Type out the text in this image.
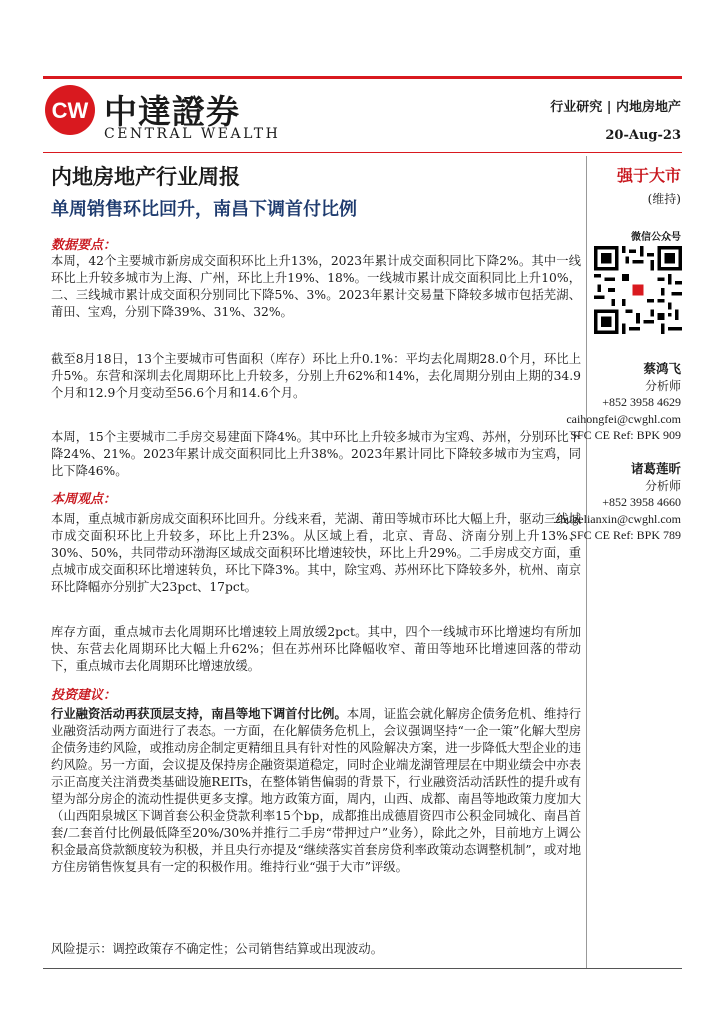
CW 中達證券
CENTRAL WEALTH
行业研究 | 内地房地产
20-Aug-23
内地房地产行业周报
单周销售环比回升，南昌下调首付比例
数据要点：
本周，42个主要城市新房成交面积环比上升13%，2023年累计成交面积同比下降2%。其中一线环比上升较多城市为上海、广州，环比上升19%、18%。一线城市累计成交面积同比上升10%，二、三线城市累计成交面积分别同比下降5%、3%。2023年累计交易量下降较多城市包括芜湖、莆田、宝鸡，分别下降39%、31%、32%。
截至8月18日，13个主要城市可售面积（库存）环比上升0.1%：平均去化周期28.0个月，环比上升5%。东营和深圳去化周期环比上升较多，分别上升62%和14%，去化周期分别由上期的34.9个月和12.9个月变动至56.6个月和14.6个月。
本周，15个主要城市二手房交易建面下降4%。其中环比上升较多城市为宝鸡、苏州，分别环比下降24%、21%。2023年累计成交面积同比上升38%。2023年累计同比下降较多城市为宝鸡，同比下降46%。
本周观点：
本周，重点城市新房成交面积环比回升。分线来看，芜湖、莆田等城市环比大幅上升，驱动三线城市成交面积环比上升较多，环比上升23%。从区域上看，北京、青岛、济南分别上升13%、30%、50%，共同带动环渤海区域成交面积环比增速较快，环比上升29%。二手房成交方面，重点城市成交面积环比增速转负，环比下降3%。其中，除宝鸡、苏州环比下降较多外，杭州、南京环比降幅亦分别扩大23pct、17pct。
库存方面，重点城市去化周期环比增速较上周放缓2pct。其中，四个一线城市环比增速均有所加快、东营去化周期环比大幅上升62%；但在苏州环比降幅收窄、莆田等地环比增速回落的带动下，重点城市去化周期环比增速放缓。
投资建议：
行业融资活动再获顶层支持，南昌等地下调首付比例。本周，证监会就化解房企债务危机、维持行业融资活动两方面进行了表态。一方面，在化解债务危机上，会议强调坚持“一企一策”化解大型房企债务违约风险，或推动房企制定更精细且具有针对性的风险解决方案，进一步降低大型企业的违约风险。另一方面，会议提及保持房企融资渠道稳定，同时企业端龙湖管理层在中期业绩会中亦表示正高度关注消费类基础设施REITs，在整体销售偏弱的背景下，行业融资活动活跃性的提升或有望为部分房企的流动性提供更多支撑。地方政策方面，周内，山西、成都、南昌等地政策力度加大（山西阳泉城区下调首套公积金贷款利率15个bp，成都推出成德眉资四市公积金同城化、南昌首套/二套首付比例最低降至20%/30%并推行二手房“带押过户”业务），除此之外，目前地方上调公积金最高贷款额度较为积极，并且央行亦提及“继续落实首套房贷利率政策动态调整机制”，或对地方住房销售恢复具有一定的积极作用。维持行业“强于大市”评级。
风险提示：调控政策存不确定性；公司销售结算或出现波动。
强于大市
(维持)
微信公众号
蔡鸿飞
分析师
+852 3958 4629
caihongfei@cwghl.com
SFC CE Ref: BPK 909
诸葛莲昕
分析师
+852 3958 4660
zhugelianxin@cwghl.com
SFC CE Ref: BPK 789
